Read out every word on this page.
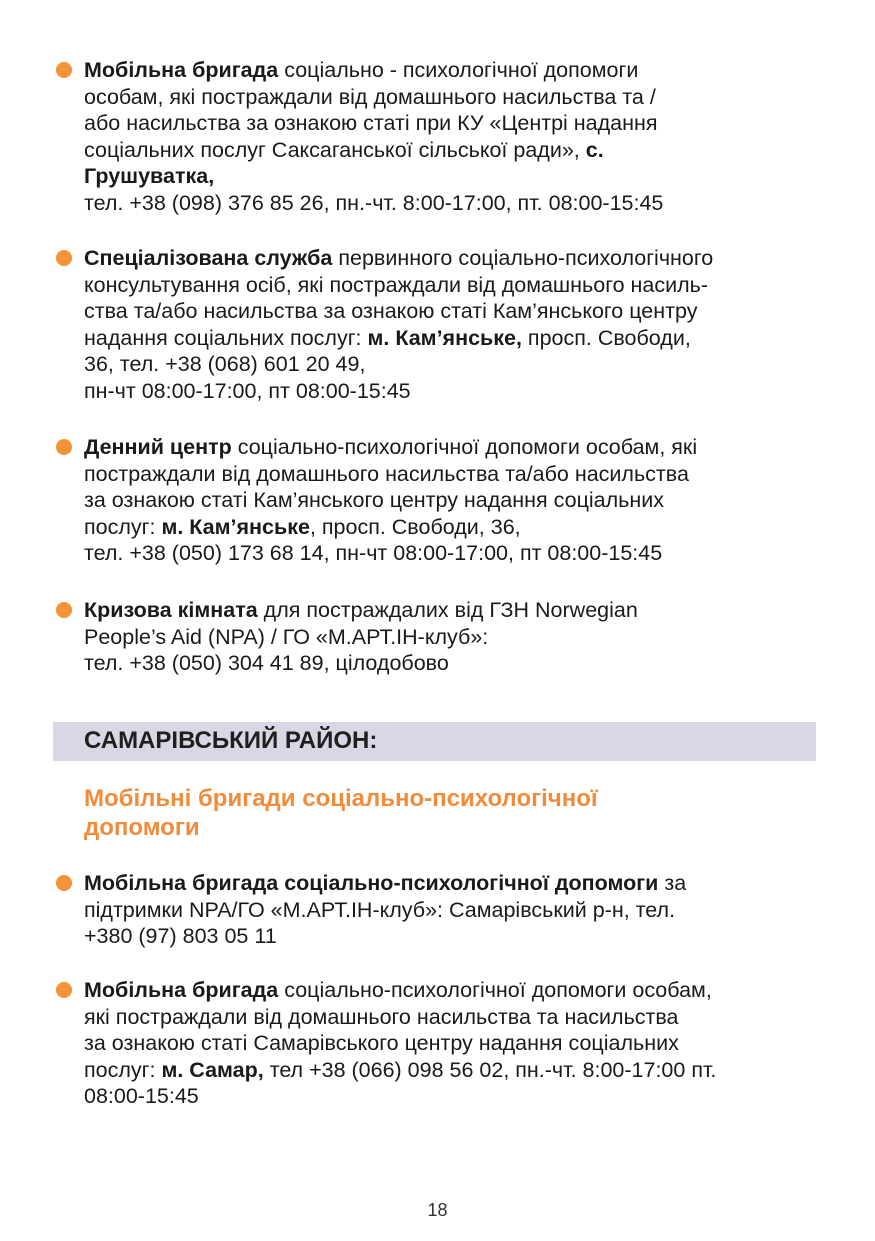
Мобільна бригада соціально - психологічної допомоги
особам, які постраждали від домашнього насильства та /
або насильства за ознакою статі при КУ «Центрі надання
соціальних послуг Саксаганської сільської ради», с.
Грушуватка,
тел. +38 (098) 376 85 26, пн.-чт. 8:00-17:00, пт. 08:00-15:45
Спеціалізована служба первинного соціально-психологічного
консультування осіб, які постраждали від домашнього насиль-
ства та/або насильства за ознакою статі Кам’янського центру
надання соціальних послуг: м. Кам’янське, просп. Свободи,
36, тел. +38 (068) 601 20 49,
пн-чт 08:00-17:00, пт 08:00-15:45
Денний центр соціально-психологічної допомоги особам, які
постраждали від домашнього насильства та/або насильства
за ознакою статі Кам’янського центру надання соціальних
послуг: м. Кам’янське, просп. Свободи, 36,
тел. +38 (050) 173 68 14, пн-чт 08:00-17:00, пт 08:00-15:45
Кризова кімната для постраждалих від ГЗН Norwegian
People’s Aid (NPA) / ГО «М.АРТ.ІН-клуб»:
тел. +38 (050) 304 41 89, цілодобово
САМАРІВСЬКИЙ РАЙОН:
Мобільні бригади соціально-психологічної
допомоги
Мобільна бригада соціально-психологічної допомоги за
підтримки NPA/ГО «М.АРТ.ІН-клуб»: Самарівський р-н, тел.
+380 (97) 803 05 11
Мобільна бригада соціально-психологічної допомоги особам,
які постраждали від домашнього насильства та насильства
за ознакою статі Самарівського центру надання соціальних
послуг: м. Самар, тел +38 (066) 098 56 02, пн.-чт. 8:00-17:00 пт.
08:00-15:45
18
